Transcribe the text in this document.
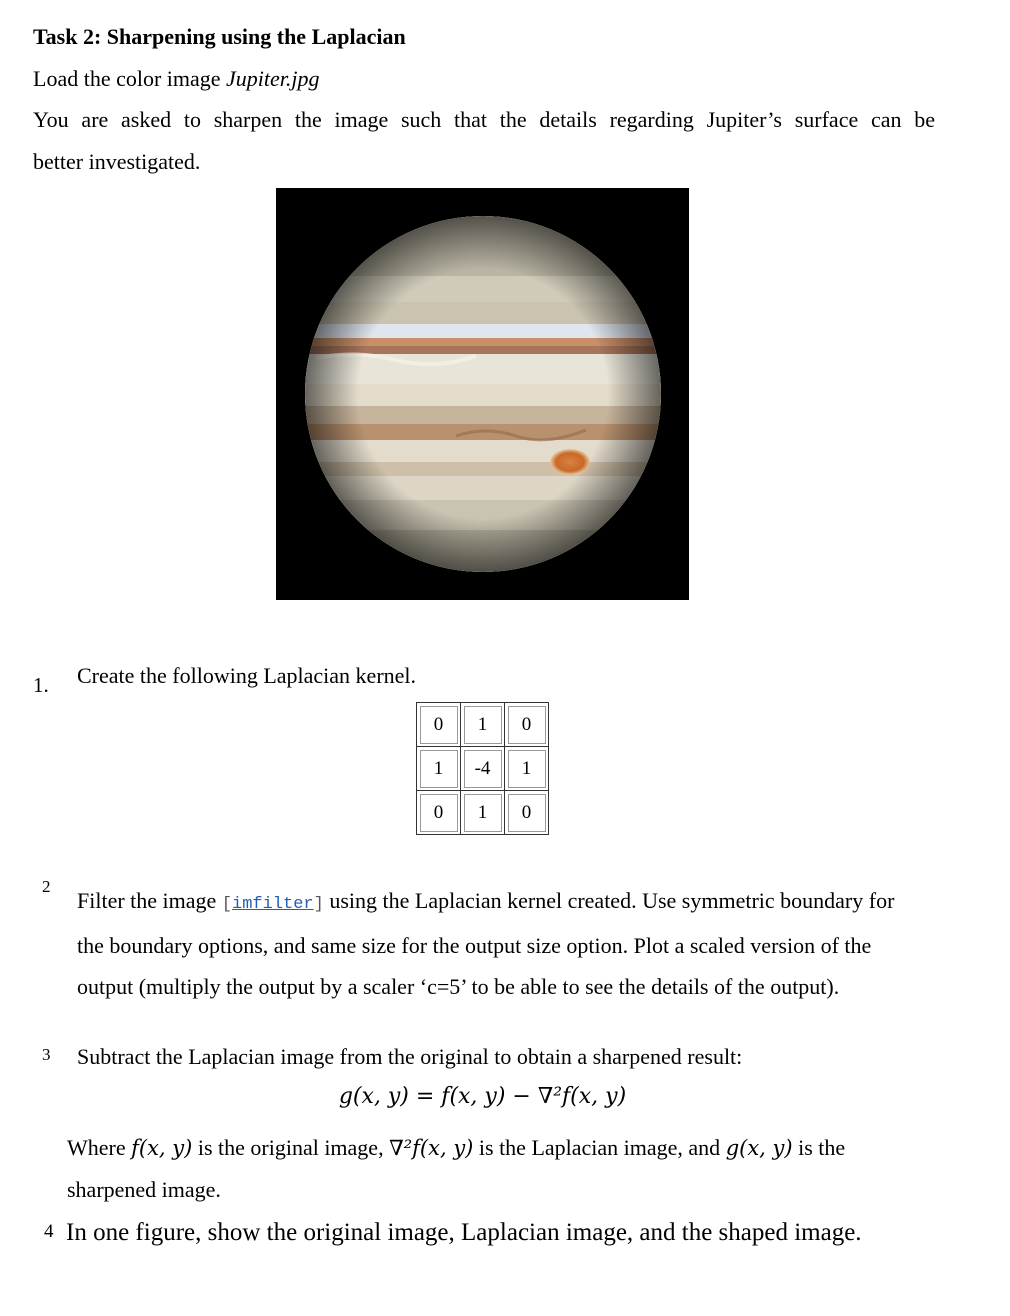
Task 2: Sharpening using the Laplacian
Load the color image Jupiter.jpg
You are asked to sharpen the image such that the details regarding Jupiter’s surface can be
better investigated.
1. Create the following Laplacian kernel.
0	1	0
1	-4	1
0	1	0
2
Filter the image [imfilter] using the Laplacian kernel created. Use symmetric boundary for the boundary options, and same size for the output size option. Plot a scaled version of the output (multiply the output by a scaler ‘c=5’ to be able to see the details of the output).
3 Subtract the Laplacian image from the original to obtain a sharpened result:
g(x, y) = f(x, y) − ∇²f(x, y)
Where f(x, y) is the original image, ∇²f(x, y) is the Laplacian image, and g(x, y) is the sharpened image.
4 In one figure, show the original image, Laplacian image, and the shaped image.
